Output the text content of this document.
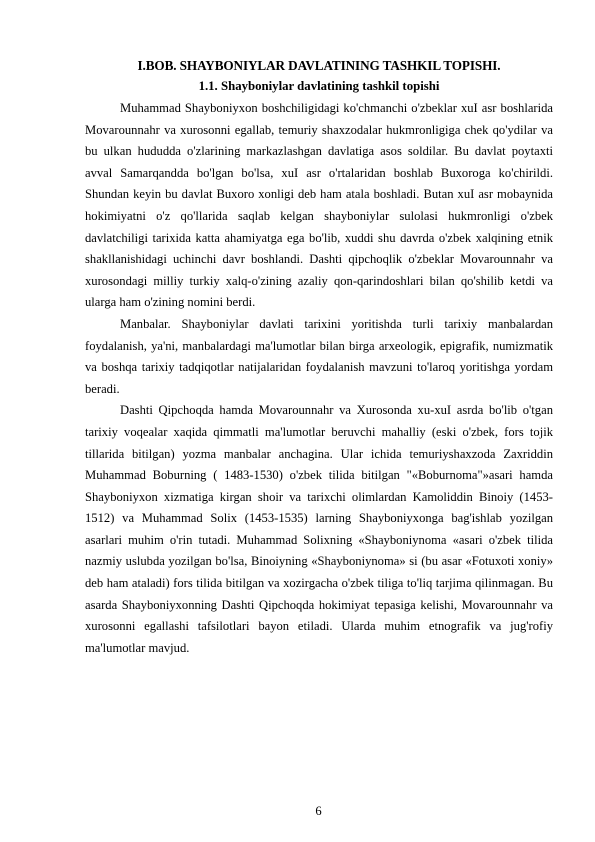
I.BOB. SHAYBONIYLAR DAVLATINING TASHKIL TOPISHI.
1.1. Shayboniylar davlatining tashkil topishi

Muhammad Shayboniyxon boshchiligidagi ko'chmanchi o'zbeklar xuI asr boshlarida Movarounnahr va xurosonni egallab, temuriy shaxzodalar hukmronligiga chek qo'ydilar va bu ulkan hududda o'zlarining markazlashgan davlatiga asos soldilar. Bu davlat poytaxti avval Samarqandda bo'lgan bo'lsa, xuI asr o'rtalaridan boshlab Buxoroga ko'chirildi. Shundan keyin bu davlat Buxoro xonligi deb ham atala boshladi. Butan xuI asr mobaynida hokimiyatni o'z qo'llarida saqlab kelgan shayboniylar sulolasi hukmronligi o'zbek davlatchiligi tarixida katta ahamiyatga ega bo'lib, xuddi shu davrda o'zbek xalqining etnik shakllanishidagi uchinchi davr boshlandi. Dashti qipchoqlik o'zbeklar Movarounnahr va xurosondagi milliy turkiy xalq-o'zining azaliy qon-qarindoshlari bilan qo'shilib ketdi va ularga ham o'zining nomini berdi.

Manbalar. Shayboniylar davlati tarixini yoritishda turli tarixiy manbalardan foydalanish, ya'ni, manbalardagi ma'lumotlar bilan birga arxeologik, epigrafik, numizmatik va boshqa tarixiy tadqiqotlar natijalaridan foydalanish mavzuni to'laroq yoritishga yordam beradi.

Dashti Qipchoqda hamda Movarounnahr va Xurosonda xu-xuI asrda bo'lib o'tgan tarixiy voqealar xaqida qimmatli ma'lumotlar beruvchi mahalliy (eski o'zbek, fors tojik tillarida bitilgan) yozma manbalar anchagina. Ular ichida temuriyshaxzoda Zaxriddin Muhammad Boburning ( 1483-1530) o'zbek tilida bitilgan "«Boburnoma"»asari hamda Shayboniyxon xizmatiga kirgan shoir va tarixchi olimlardan Kamoliddin Binoiy (1453-1512) va Muhammad Solix (1453-1535) larning Shayboniyxonga bag'ishlab yozilgan asarlari muhim o'rin tutadi. Muhammad Solixning «Shayboniynoma «asari o'zbek tilida nazmiy uslubda yozilgan bo'lsa, Binoiyning «Shayboniynoma» si (bu asar «Fotuxoti xoniy» deb ham ataladi) fors tilida bitilgan va xozirgacha o'zbek tiliga to'liq tarjima qilinmagan. Bu asarda Shayboniyxonning Dashti Qipchoqda hokimiyat tepasiga kelishi, Movarounnahr va xurosonni egallashi tafsilotlari bayon etiladi. Ularda muhim etnografik va jug'rofiy ma'lumotlar mavjud.

6
